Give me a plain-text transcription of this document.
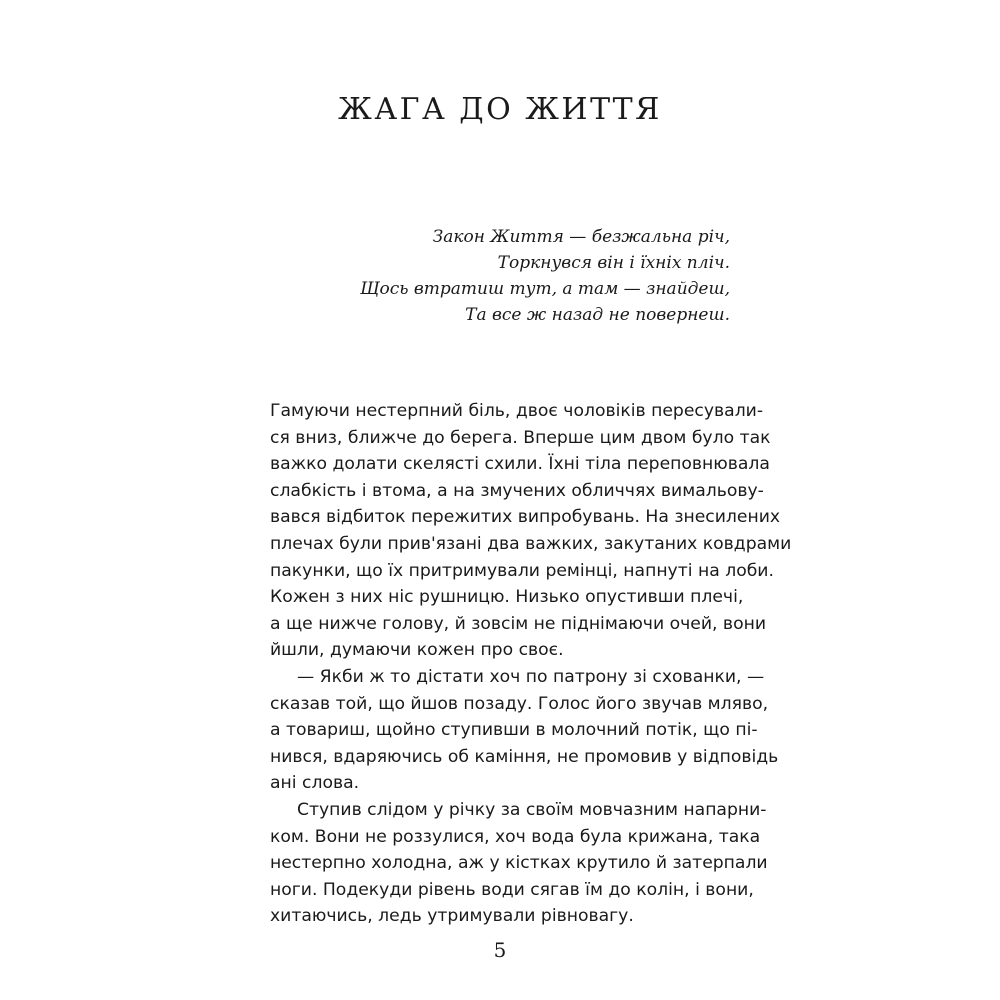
ЖАГА ДО ЖИТТЯ
Закон Життя — безжальна річ,
Торкнувся він і їхніх пліч.
Щось втратиш тут, а там — знайдеш,
Та все ж назад не повернеш.
Гамуючи нестерпний біль, двоє чоловіків пересували-
ся вниз, ближче до берега. Вперше цим двом було так
важко долати скелясті схили. Їхні тіла переповнювала
слабкість і втома, а на змучених обличчях вимальову-
вався відбиток пережитих випробувань. На знесилених
плечах були прив'язані два важких, закутаних ковдрами
пакунки, що їх притримували ремінці, напнуті на лоби.
Кожен з них ніс рушницю. Низько опустивши плечі,
а ще нижче голову, й зовсім не піднімаючи очей, вони
йшли, думаючи кожен про своє.
— Якби ж то дістати хоч по патрону зі схованки, —
сказав той, що йшов позаду. Голос його звучав мляво,
а товариш, щойно ступивши в молочний потік, що пі-
нився, вдаряючись об каміння, не промовив у відповідь
ані слова.
Ступив слідом у річку за своїм мовчазним напарни-
ком. Вони не роззулися, хоч вода була крижана, така
нестерпно холодна, аж у кістках крутило й затерпали
ноги. Подекуди рівень води сягав їм до колін, і вони,
хитаючись, ледь утримували рівновагу.
5
